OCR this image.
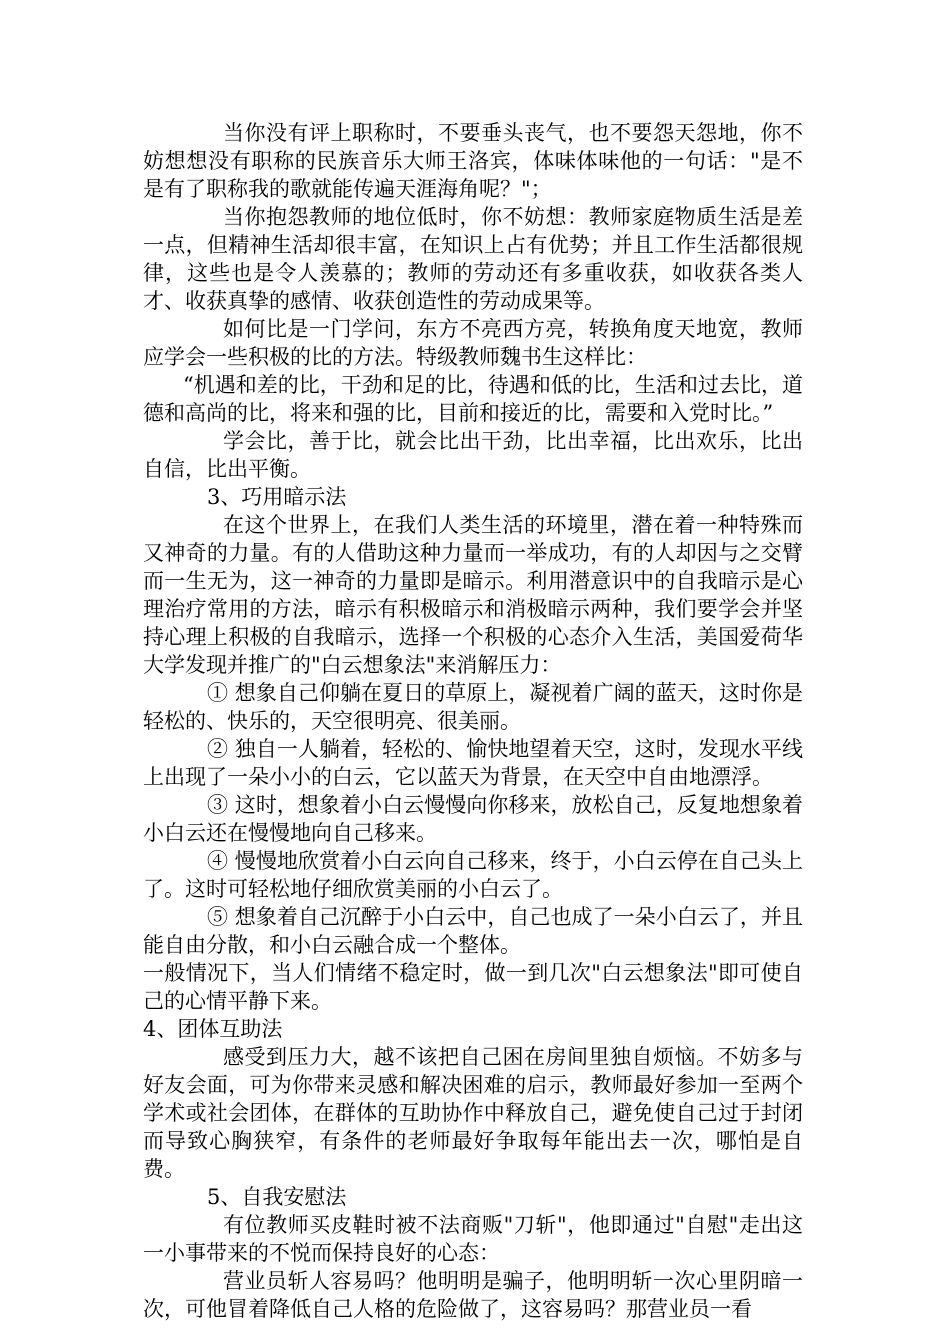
当你没有评上职称时，不要垂头丧气，也不要怨天怨地，你不妨想想没有职称的民族音乐大师王洛宾，体味体味他的一句话："是不是有了职称我的歌就能传遍天涯海角呢？"；

当你抱怨教师的地位低时，你不妨想：教师家庭物质生活是差一点，但精神生活却很丰富，在知识上占有优势；并且工作生活都很规律，这些也是令人羡慕的；教师的劳动还有多重收获，如收获各类人才、收获真挚的感情、收获创造性的劳动成果等。

如何比是一门学问，东方不亮西方亮，转换角度天地宽，教师应学会一些积极的比的方法。特级教师魏书生这样比：

“机遇和差的比，干劲和足的比，待遇和低的比，生活和过去比，道德和高尚的比，将来和强的比，目前和接近的比，需要和入党时比。”

学会比，善于比，就会比出干劲，比出幸福，比出欢乐，比出自信，比出平衡。

3、巧用暗示法

在这个世界上，在我们人类生活的环境里，潜在着一种特殊而又神奇的力量。有的人借助这种力量而一举成功，有的人却因与之交臂而一生无为，这一神奇的力量即是暗示。利用潜意识中的自我暗示是心理治疗常用的方法，暗示有积极暗示和消极暗示两种，我们要学会并坚持心理上积极的自我暗示，选择一个积极的心态介入生活，美国爱荷华大学发现并推广的"白云想象法"来消解压力：

① 想象自己仰躺在夏日的草原上，凝视着广阔的蓝天，这时你是轻松的、快乐的，天空很明亮、很美丽。

② 独自一人躺着，轻松的、愉快地望着天空，这时，发现水平线上出现了一朵小小的白云，它以蓝天为背景，在天空中自由地漂浮。

③ 这时，想象着小白云慢慢向你移来，放松自己，反复地想象着小白云还在慢慢地向自己移来。

④ 慢慢地欣赏着小白云向自己移来，终于，小白云停在自己头上了。这时可轻松地仔细欣赏美丽的小白云了。

⑤ 想象着自己沉醉于小白云中，自己也成了一朵小白云了，并且能自由分散，和小白云融合成一个整体。

一般情况下，当人们情绪不稳定时，做一到几次"白云想象法"即可使自己的心情平静下来。

4、团体互助法

感受到压力大，越不该把自己困在房间里独自烦恼。不妨多与好友会面，可为你带来灵感和解决困难的启示，教师最好参加一至两个学术或社会团体，在群体的互助协作中释放自己，避免使自己过于封闭而导致心胸狭窄，有条件的老师最好争取每年能出去一次，哪怕是自费。

5、自我安慰法

有位教师买皮鞋时被不法商贩"刀斩"，他即通过"自慰"走出这一小事带来的不悦而保持良好的心态：

营业员斩人容易吗？他明明是骗子，他明明斩一次心里阴暗一次，可他冒着降低自己人格的危险做了，这容易吗？那营业员一看
